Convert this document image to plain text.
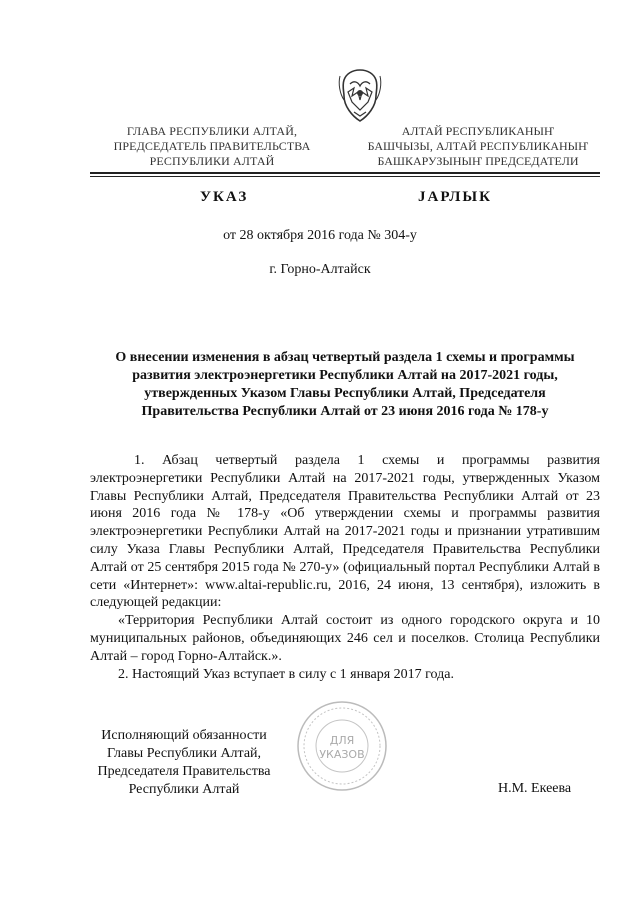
ГЛАВА РЕСПУБЛИКИ АЛТАЙ,
ПРЕДСЕДАТЕЛЬ ПРАВИТЕЛЬСТВА
РЕСПУБЛИКИ АЛТАЙ
АЛТАЙ РЕСПУБЛИКАНЫҤ
БАШЧЫЗЫ, АЛТАЙ РЕСПУБЛИКАНЫҤ
БАШКАРУЗЫНЫҤ ПРЕДСЕДАТЕЛИ
УКАЗ	JАРЛЫК
от 28 октября 2016 года № 304-у
г. Горно-Алтайск
О внесении изменения в абзац четвертый раздела 1 схемы и программы
развития электроэнергетики Республики Алтай на 2017-2021 годы,
утвержденных Указом Главы Республики Алтай, Председателя
Правительства Республики Алтай от 23 июня 2016 года № 178-у

1. Абзац четвертый раздела 1 схемы и программы развития электроэнергетики Республики Алтай на 2017-2021 годы, утвержденных Указом Главы Республики Алтай, Председателя Правительства Республики Алтай от 23 июня 2016 года № 178-у «Об утверждении схемы и программы развития электроэнергетики Республики Алтай на 2017-2021 годы и признании утратившим силу Указа Главы Республики Алтай, Председателя Правительства Республики Алтай от 25 сентября 2015 года № 270-у» (официальный портал Республики Алтай в сети «Интернет»: www.altai-republic.ru, 2016, 24 июня, 13 сентября), изложить в следующей редакции:

«Территория Республики Алтай состоит из одного городского округа и 10 муниципальных районов, объединяющих 246 сел и поселков. Столица Республики Алтай – город Горно-Алтайск.».

2. Настоящий Указ вступает в силу с 1 января 2017 года.

Исполняющий обязанности
Главы Республики Алтай,
Председателя Правительства
Республики Алтай
ДЛЯ
УКАЗОВ
Н.М. Екеева
